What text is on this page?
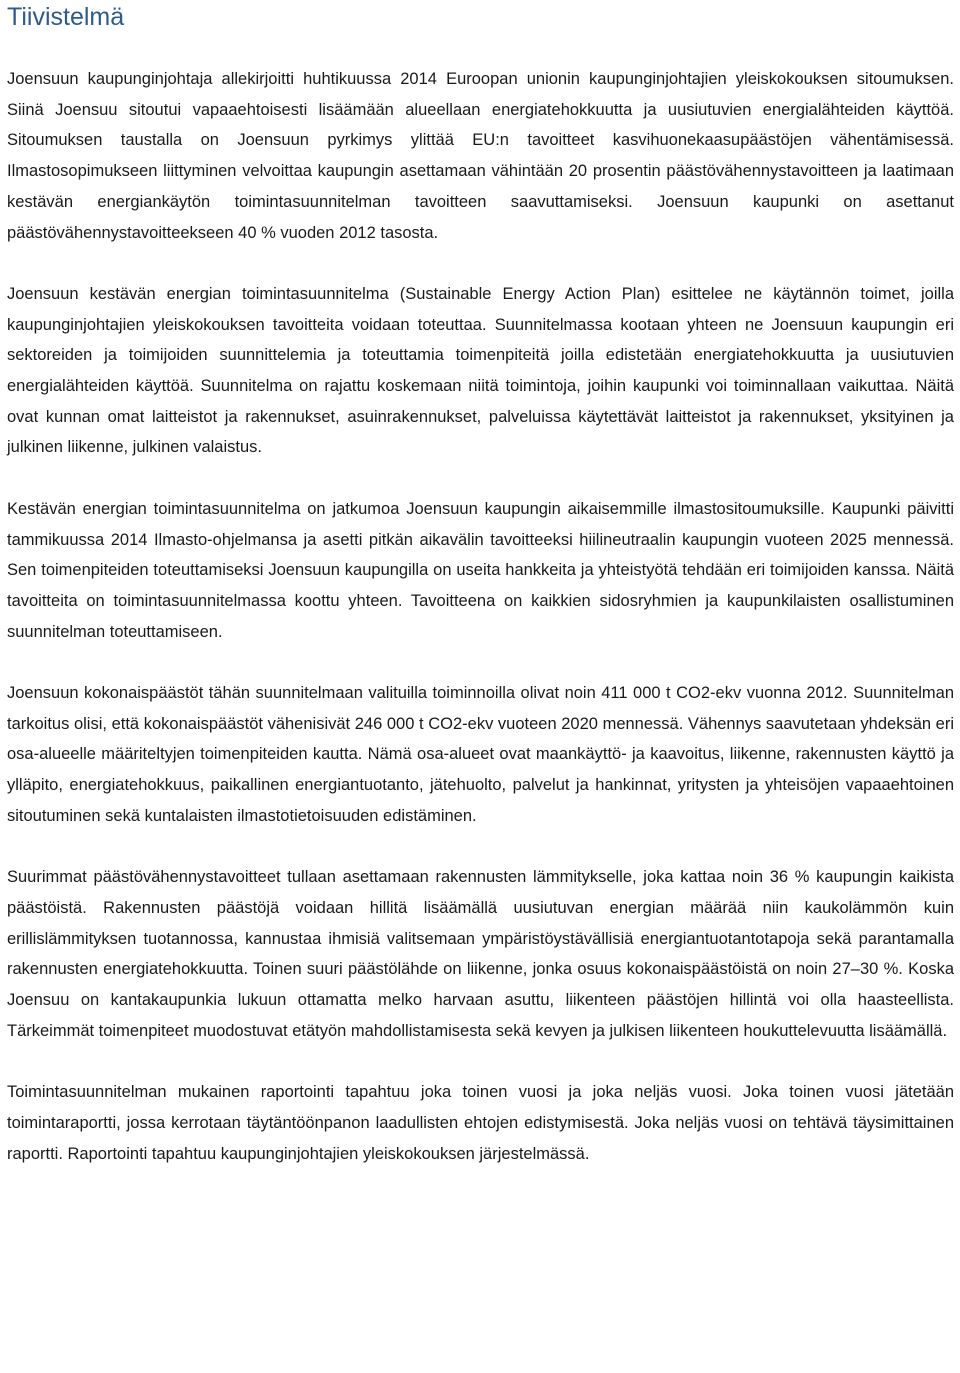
Tiivistelmä

Joensuun kaupunginjohtaja allekirjoitti huhtikuussa 2014 Euroopan unionin kaupunginjohtajien yleiskokouksen sitoumuksen. Siinä Joensuu sitoutui vapaaehtoisesti lisäämään alueellaan energiatehokkuutta ja uusiutuvien energialähteiden käyttöä. Sitoumuksen taustalla on Joensuun pyrkimys ylittää EU:n tavoitteet kasvihuonekaasupäästöjen vähentämisessä. Ilmastosopimukseen liittyminen velvoittaa kaupungin asettamaan vähintään 20 prosentin päästövähennystavoitteen ja laatimaan kestävän energiankäytön toimintasuunnitelman tavoitteen saavuttamiseksi. Joensuun kaupunki on asettanut päästövähennystavoitteekseen 40 % vuoden 2012 tasosta.

Joensuun kestävän energian toimintasuunnitelma (Sustainable Energy Action Plan) esittelee ne käytännön toimet, joilla kaupunginjohtajien yleiskokouksen tavoitteita voidaan toteuttaa. Suunnitelmassa kootaan yhteen ne Joensuun kaupungin eri sektoreiden ja toimijoiden suunnittelemia ja toteuttamia toimenpiteitä joilla edistetään energiatehokkuutta ja uusiutuvien energialähteiden käyttöä. Suunnitelma on rajattu koskemaan niitä toimintoja, joihin kaupunki voi toiminnallaan vaikuttaa. Näitä ovat kunnan omat laitteistot ja rakennukset, asuinrakennukset, palveluissa käytettävät laitteistot ja rakennukset, yksityinen ja julkinen liikenne, julkinen valaistus.

Kestävän energian toimintasuunnitelma on jatkumoa Joensuun kaupungin aikaisemmille ilmastositoumuksille. Kaupunki päivitti tammikuussa 2014 Ilmasto-ohjelmansa ja asetti pitkän aikavälin tavoitteeksi hiilineutraalin kaupungin vuoteen 2025 mennessä. Sen toimenpiteiden toteuttamiseksi Joensuun kaupungilla on useita hankkeita ja yhteistyötä tehdään eri toimijoiden kanssa. Näitä tavoitteita on toimintasuunnitelmassa koottu yhteen. Tavoitteena on kaikkien sidosryhmien ja kaupunkilaisten osallistuminen suunnitelman toteuttamiseen.

Joensuun kokonaispäästöt tähän suunnitelmaan valituilla toiminnoilla olivat noin 411 000 t CO2-ekv vuonna 2012. Suunnitelman tarkoitus olisi, että kokonaispäästöt vähenisivät 246 000 t CO2-ekv vuoteen 2020 mennessä. Vähennys saavutetaan yhdeksän eri osa-alueelle määriteltyjen toimenpiteiden kautta. Nämä osa-alueet ovat maankäyttö- ja kaavoitus, liikenne, rakennusten käyttö ja ylläpito, energiatehokkuus, paikallinen energiantuotanto, jätehuolto, palvelut ja hankinnat, yritysten ja yhteisöjen vapaaehtoinen sitoutuminen sekä kuntalaisten ilmastotietoisuuden edistäminen.

Suurimmat päästövähennystavoitteet tullaan asettamaan rakennusten lämmitykselle, joka kattaa noin 36 % kaupungin kaikista päästöistä. Rakennusten päästöjä voidaan hillitä lisäämällä uusiutuvan energian määrää niin kaukolämmön kuin erillislämmityksen tuotannossa, kannustaa ihmisiä valitsemaan ympäristöystävällisiä energiantuotantotapoja sekä parantamalla rakennusten energiatehokkuutta. Toinen suuri päästölähde on liikenne, jonka osuus kokonaispäästöistä on noin 27–30 %. Koska Joensuu on kantakaupunkia lukuun ottamatta melko harvaan asuttu, liikenteen päästöjen hillintä voi olla haasteellista. Tärkeimmät toimenpiteet muodostuvat etätyön mahdollistamisesta sekä kevyen ja julkisen liikenteen houkuttelevuutta lisäämällä.

Toimintasuunnitelman mukainen raportointi tapahtuu joka toinen vuosi ja joka neljäs vuosi. Joka toinen vuosi jätetään toimintaraportti, jossa kerrotaan täytäntöönpanon laadullisten ehtojen edistymisestä. Joka neljäs vuosi on tehtävä täysimittainen raportti. Raportointi tapahtuu kaupunginjohtajien yleiskokouksen järjestelmässä.
